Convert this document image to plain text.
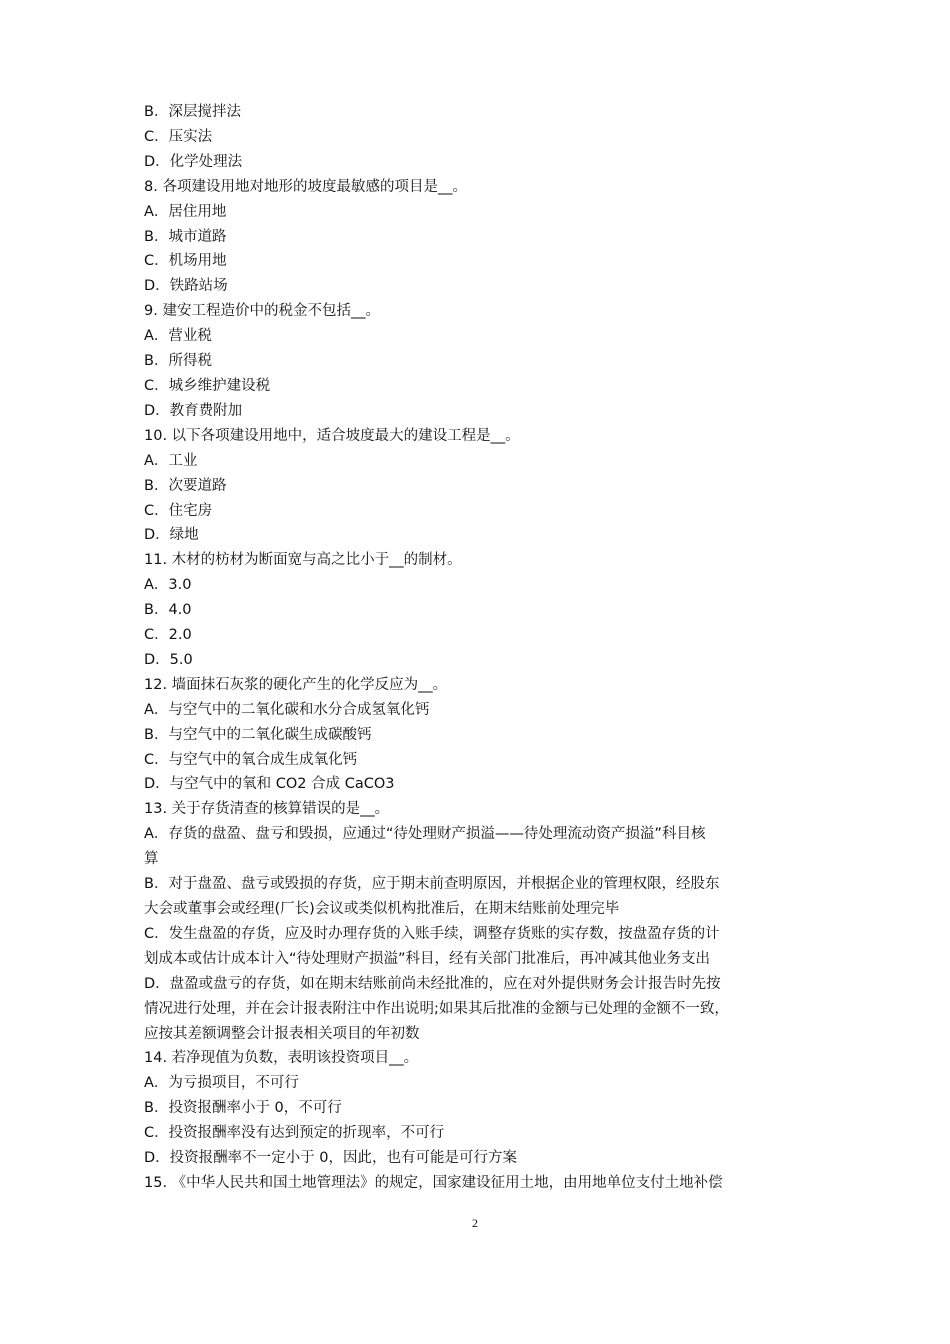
B．深层搅拌法
C．压实法
D．化学处理法
8. 各项建设用地对地形的坡度最敏感的项目是__。
A．居住用地
B．城市道路
C．机场用地
D．铁路站场
9. 建安工程造价中的税金不包括__。
A．营业税
B．所得税
C．城乡维护建设税
D．教育费附加
10. 以下各项建设用地中，适合坡度最大的建设工程是__。
A．工业
B．次要道路
C．住宅房
D．绿地
11. 木材的枋材为断面宽与高之比小于__的制材。
A．3.0
B．4.0
C．2.0
D．5.0
12. 墙面抹石灰浆的硬化产生的化学反应为__。
A．与空气中的二氧化碳和水分合成氢氧化钙
B．与空气中的二氧化碳生成碳酸钙
C．与空气中的氧合成生成氧化钙
D．与空气中的氧和 CO2 合成 CaCO3
13. 关于存货清查的核算错误的是__。
A．存货的盘盈、盘亏和毁损，应通过“待处理财产损溢——待处理流动资产损溢”科目核
算
B．对于盘盈、盘亏或毁损的存货，应于期末前查明原因，并根据企业的管理权限，经股东
大会或董事会或经理(厂长)会议或类似机构批准后，在期末结账前处理完毕
C．发生盘盈的存货，应及时办理存货的入账手续，调整存货账的实存数，按盘盈存货的计
划成本或估计成本计入“待处理财产损溢”科目，经有关部门批准后，再冲减其他业务支出
D．盘盈或盘亏的存货，如在期末结账前尚未经批准的，应在对外提供财务会计报告时先按
情况进行处理，并在会计报表附注中作出说明;如果其后批准的金额与已处理的金额不一致，
应按其差额调整会计报表相关项目的年初数
14. 若净现值为负数，表明该投资项目__。
A．为亏损项目，不可行
B．投资报酬率小于 0，不可行
C．投资报酬率没有达到预定的折现率，不可行
D．投资报酬率不一定小于 0，因此，也有可能是可行方案
15. 《中华人民共和国土地管理法》的规定，国家建设征用土地，由用地单位支付土地补偿
2
